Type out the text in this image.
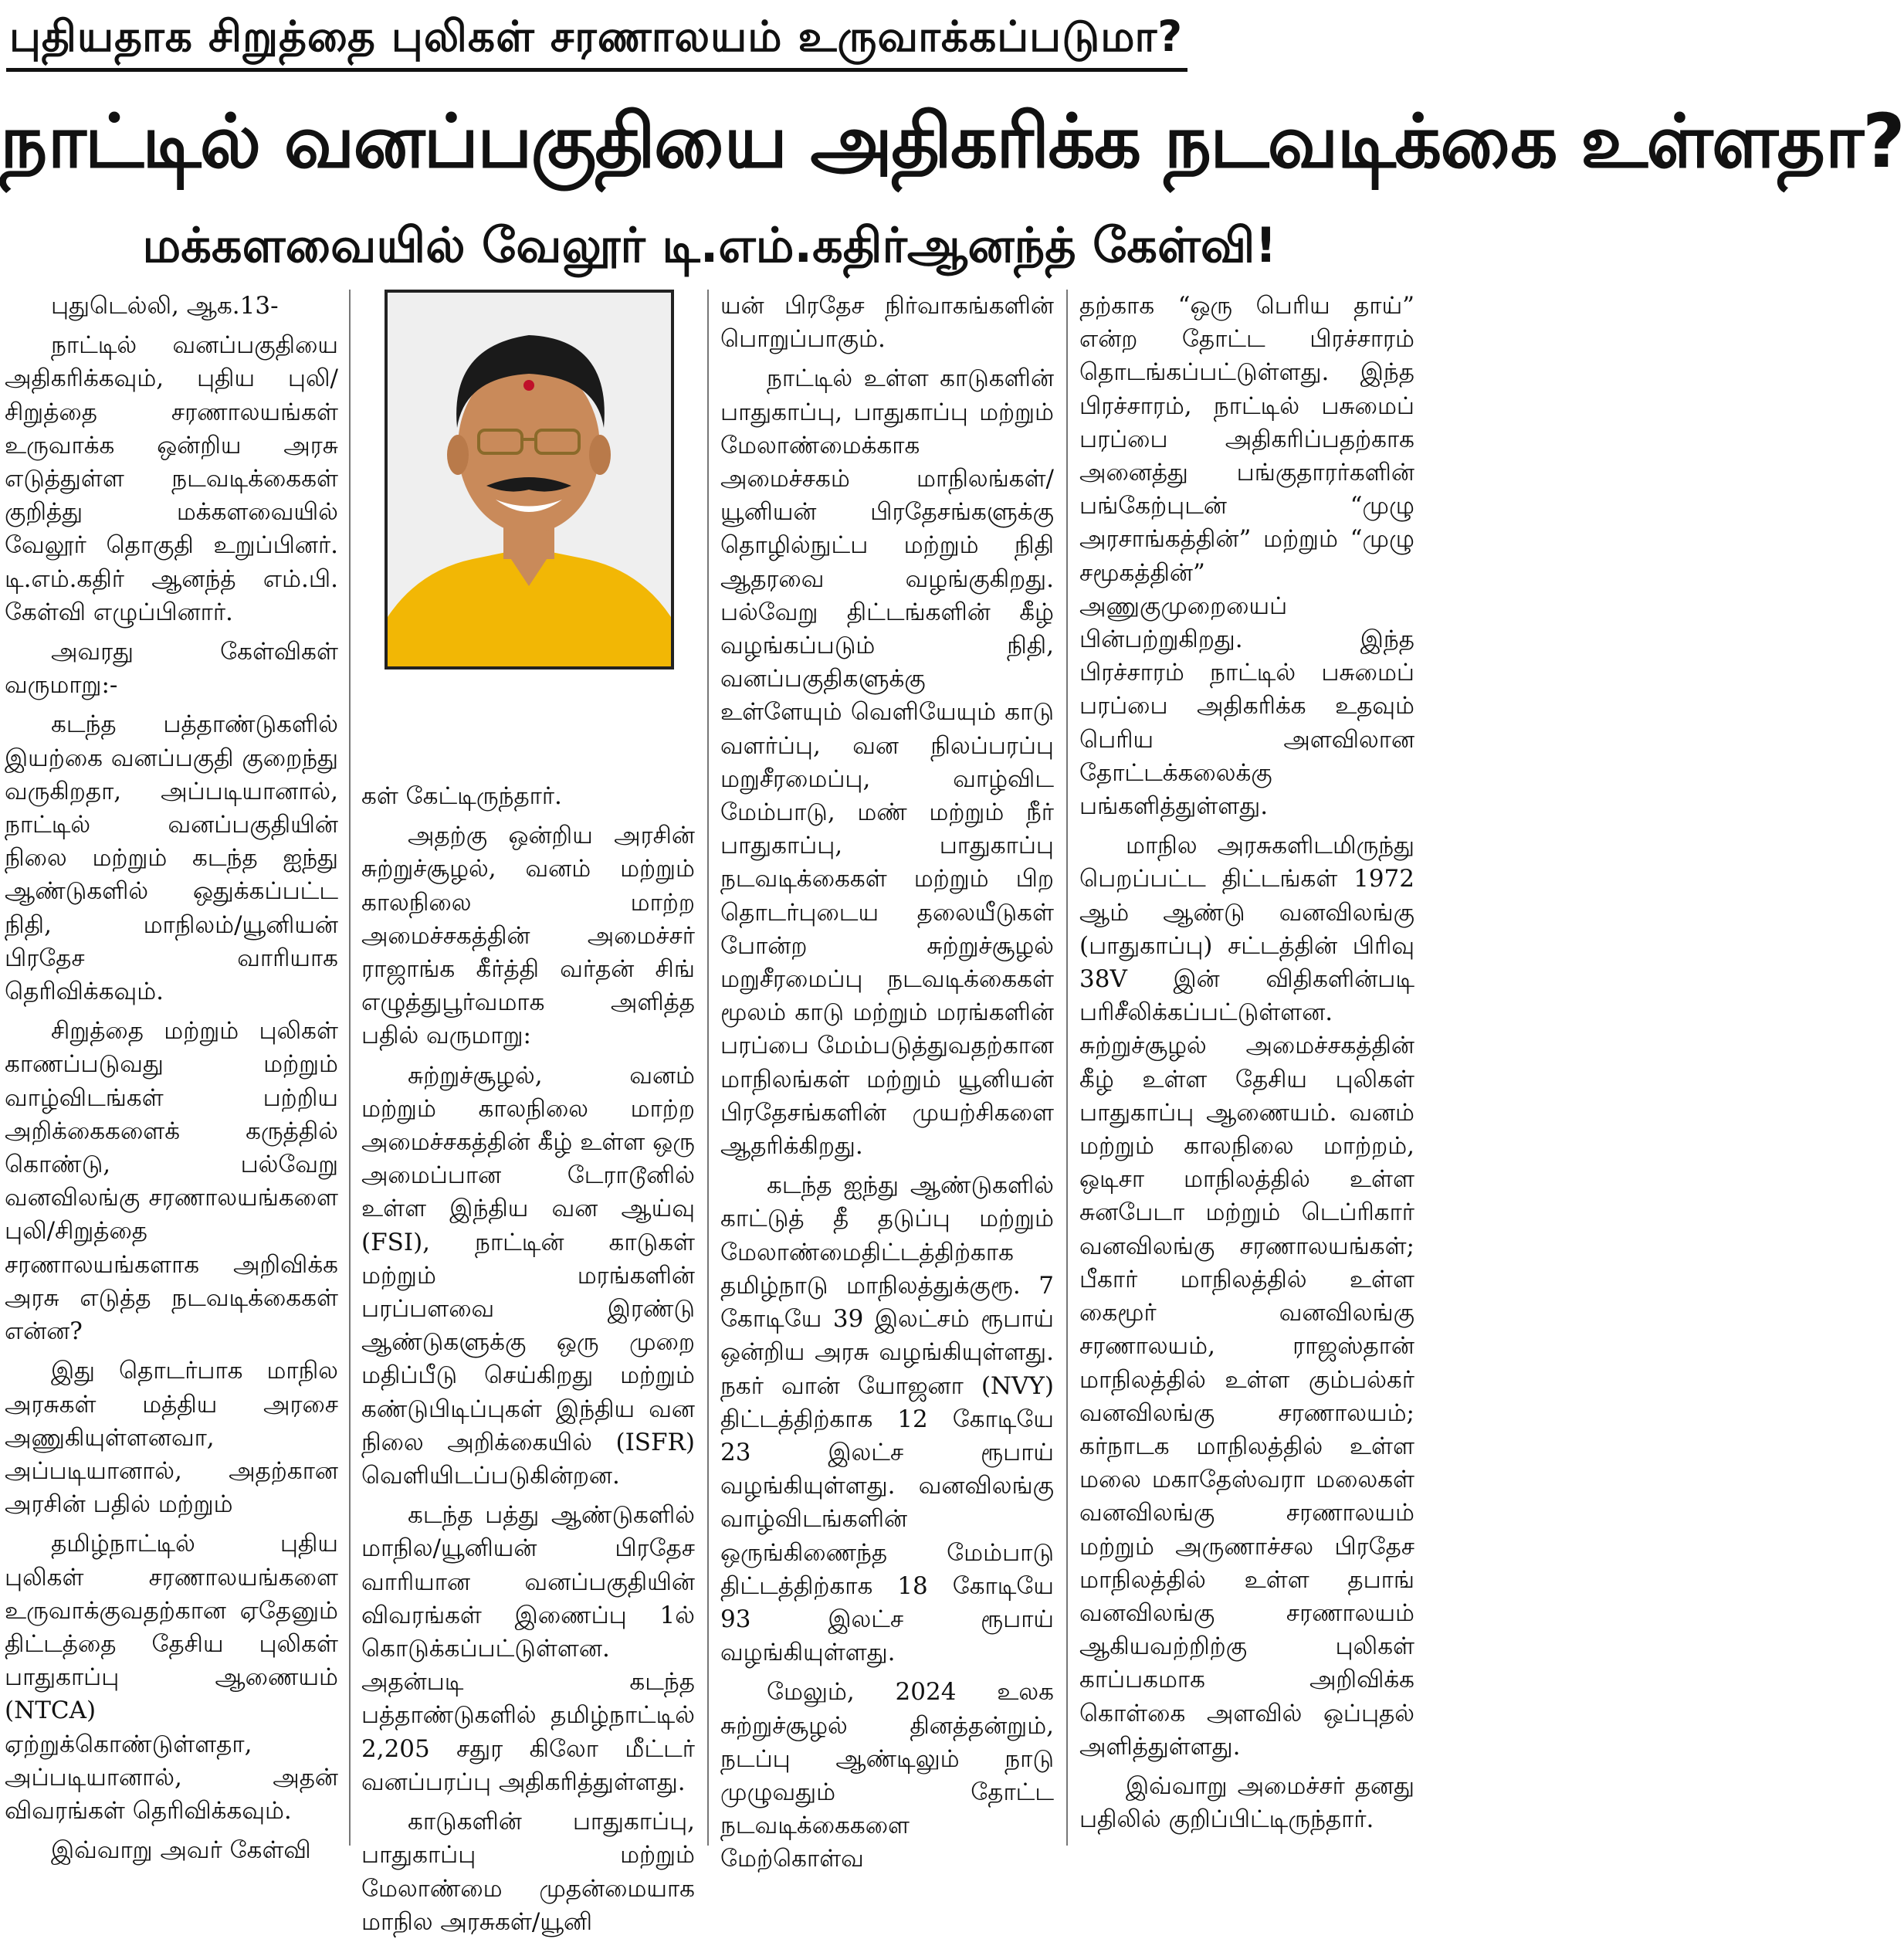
புதியதாக சிறுத்தை புலிகள் சரணாலயம் உருவாக்கப்படுமா?
நாட்டில் வனப்பகுதியை அதிகரிக்க நடவடிக்கை உள்ளதா?
மக்களவையில் வேலூர் டி.எம்.கதிர்ஆனந்த் கேள்வி!

புதுடெல்லி, ஆக.13-

நாட்டில் வனப்பகுதியை அதிகரிக்கவும், புதிய புலி/சிறுத்தை சரணாலயங்கள் உருவாக்க ஒன்றிய அரசு எடுத்துள்ள நடவடிக்கைகள் குறித்து மக்களவையில் வேலூர் தொகுதி உறுப்பினர். டி.எம்.கதிர் ஆனந்த் எம்.பி. கேள்வி எழுப்பினார்.

அவரது கேள்விகள் வருமாறு:-

கடந்த பத்தாண்டுகளில் இயற்கை வனப்பகுதி குறைந்து வருகிறதா, அப்படியானால், நாட்டில் வனப்பகுதியின் நிலை மற்றும் கடந்த ஐந்து ஆண்டுகளில் ஒதுக்கப்பட்ட நிதி, மாநிலம்/யூனியன் பிரதேச வாரியாக தெரிவிக்கவும்.

சிறுத்தை மற்றும் புலிகள் காணப்படுவது மற்றும் வாழ்விடங்கள் பற்றிய அறிக்கைகளைக் கருத்தில் கொண்டு, பல்வேறு வனவிலங்கு சரணாலயங்களை புலி/சிறுத்தை சரணாலயங்களாக அறிவிக்க அரசு எடுத்த நடவடிக்கைகள் என்ன?

இது தொடர்பாக மாநில அரசுகள் மத்திய அரசை அணுகியுள்ளனவா, அப்படியானால், அதற்கான அரசின் பதில் மற்றும்

தமிழ்நாட்டில் புதிய புலிகள் சரணாலயங்களை உருவாக்குவதற்கான ஏதேனும் திட்டத்தை தேசிய புலிகள் பாதுகாப்பு ஆணையம் (NTCA) ஏற்றுக்கொண்டுள்ளதா, அப்படியானால், அதன் விவரங்கள் தெரிவிக்கவும்.

இவ்வாறு அவர் கேள்வி

கள் கேட்டிருந்தார்.

அதற்கு ஒன்றிய அரசின் சுற்றுச்சூழல், வனம் மற்றும் காலநிலை மாற்ற அமைச்சகத்தின் அமைச்சர் ராஜாங்க கீர்த்தி வர்தன் சிங் எழுத்துபூர்வமாக அளித்த பதில் வருமாறு:

சுற்றுச்சூழல், வனம் மற்றும் காலநிலை மாற்ற அமைச்சகத்தின் கீழ் உள்ள ஒரு அமைப்பான டேராடூனில் உள்ள இந்திய வன ஆய்வு (FSI), நாட்டின் காடுகள் மற்றும் மரங்களின் பரப்பளவை இரண்டு ஆண்டுகளுக்கு ஒரு முறை மதிப்பீடு செய்கிறது மற்றும் கண்டுபிடிப்புகள் இந்திய வன நிலை அறிக்கையில் (ISFR) வெளியிடப்படுகின்றன.

கடந்த பத்து ஆண்டுகளில் மாநில/யூனியன் பிரதேச வாரியான வனப்பகுதியின் விவரங்கள் இணைப்பு 1ல் கொடுக்கப்பட்டுள்ளன. அதன்படி கடந்த பத்தாண்டுகளில் தமிழ்நாட்டில் 2,205 சதுர கிலோ மீட்டர் வனப்பரப்பு அதிகரித்துள்ளது.

காடுகளின் பாதுகாப்பு, பாதுகாப்பு மற்றும் மேலாண்மை முதன்மையாக மாநில அரசுகள்/யூனி

யன் பிரதேச நிர்வாகங்களின் பொறுப்பாகும்.

நாட்டில் உள்ள காடுகளின் பாதுகாப்பு, பாதுகாப்பு மற்றும் மேலாண்மைக்காக அமைச்சகம் மாநிலங்கள்/யூனியன் பிரதேசங்களுக்கு தொழில்நுட்ப மற்றும் நிதி ஆதரவை வழங்குகிறது. பல்வேறு திட்டங்களின் கீழ் வழங்கப்படும் நிதி, வனப்பகுதிகளுக்கு உள்ளேயும் வெளியேயும் காடு வளர்ப்பு, வன நிலப்பரப்பு மறுசீரமைப்பு, வாழ்விட மேம்பாடு, மண் மற்றும் நீர் பாதுகாப்பு, பாதுகாப்பு நடவடிக்கைகள் மற்றும் பிற தொடர்புடைய தலையீடுகள் போன்ற சுற்றுச்சூழல் மறுசீரமைப்பு நடவடிக்கைகள் மூலம் காடு மற்றும் மரங்களின் பரப்பை மேம்படுத்துவதற்கான மாநிலங்கள் மற்றும் யூனியன் பிரதேசங்களின் முயற்சிகளை ஆதரிக்கிறது.

கடந்த ஐந்து ஆண்டுகளில் காட்டுத் தீ தடுப்பு மற்றும் மேலாண்மைதிட்டத்திற்காக தமிழ்நாடு மாநிலத்துக்குரூ. 7 கோடியே 39 இலட்சம் ரூபாய் ஒன்றிய அரசு வழங்கியுள்ளது. நகர் வான் யோஜனா (NVY) திட்டத்திற்காக 12 கோடியே 23 இலட்ச ரூபாய் வழங்கியுள்ளது. வனவிலங்கு வாழ்விடங்களின் ஒருங்கிணைந்த மேம்பாடு திட்டத்திற்காக 18 கோடியே 93 இலட்ச ரூபாய் வழங்கியுள்ளது.

மேலும், 2024 உலக சுற்றுச்சூழல் தினத்தன்றும், நடப்பு ஆண்டிலும் நாடு முழுவதும் தோட்ட நடவடிக்கைகளை மேற்கொள்வ

தற்காக “ஒரு பெரிய தாய்” என்ற தோட்ட பிரச்சாரம் தொடங்கப்பட்டுள்ளது. இந்த பிரச்சாரம், நாட்டில் பசுமைப் பரப்பை அதிகரிப்பதற்காக அனைத்து பங்குதாரர்களின் பங்கேற்புடன் “முழு அரசாங்கத்தின்” மற்றும் “முழு சமூகத்தின்” அணுகுமுறையைப் பின்பற்றுகிறது. இந்த பிரச்சாரம் நாட்டில் பசுமைப் பரப்பை அதிகரிக்க உதவும் பெரிய அளவிலான தோட்டக்கலைக்கு பங்களித்துள்ளது.

மாநில அரசுகளிடமிருந்து பெறப்பட்ட திட்டங்கள் 1972 ஆம் ஆண்டு வனவிலங்கு (பாதுகாப்பு) சட்டத்தின் பிரிவு 38V இன் விதிகளின்படி பரிசீலிக்கப்பட்டுள்ளன. சுற்றுச்சூழல் அமைச்சகத்தின் கீழ் உள்ள தேசிய புலிகள் பாதுகாப்பு ஆணையம். வனம் மற்றும் காலநிலை மாற்றம், ஒடிசா மாநிலத்தில் உள்ள சுனபேடா மற்றும் டெப்ரிகார் வனவிலங்கு சரணாலயங்கள்; பீகார் மாநிலத்தில் உள்ள கைமூர் வனவிலங்கு சரணாலயம், ராஜஸ்தான் மாநிலத்தில் உள்ள கும்பல்கர் வனவிலங்கு சரணாலயம்; கர்நாடக மாநிலத்தில் உள்ள மலை மகாதேஸ்வரா மலைகள் வனவிலங்கு சரணாலயம் மற்றும் அருணாச்சல பிரதேச மாநிலத்தில் உள்ள தபாங் வனவிலங்கு சரணாலயம் ஆகியவற்றிற்கு புலிகள் காப்பகமாக அறிவிக்க கொள்கை அளவில் ஒப்புதல் அளித்துள்ளது.

இவ்வாறு அமைச்சர் தனது பதிலில் குறிப்பிட்டிருந்தார்.
